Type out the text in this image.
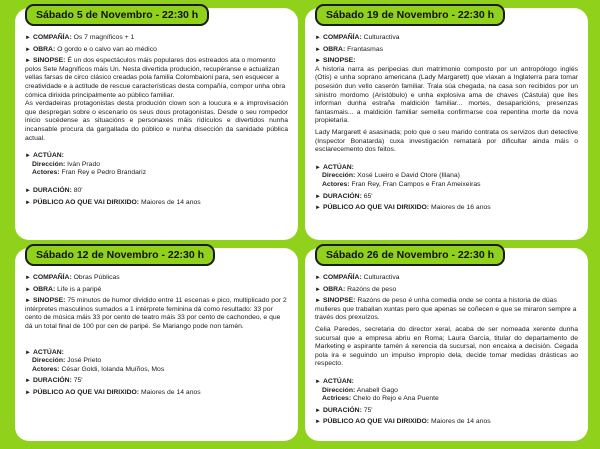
Sábado 5 de Novembro - 22:30 h
► COMPAÑÍA: Os 7 magníficos + 1
► OBRA: O gordo e o calvo van ao médico
► SINOPSE: É un dos espectáculos máis populares dos estreados ata o momento polos Sete Magníficos máis Un. Nesta divertida produción, recupéranse e actualizan vellas farsas de circo clásico creadas pola familia Colombaioni para, sen esquecer a creatividade e a actitude de rescue características desta compañía, compor unha obra cómica dirixida principalmente ao público familiar.
As verdadeiras protagonistas desta produción clown son a loucura e a improvisación que despregan sobre o escenario os seus dous protagonistas. Desde o seu rompedor inicio sucédense as situacións e personaxes máis ridículos e divertidos nunha incansable procura da gargallada do público e nunha disección da sanidade pública actual.
► ACTÚAN:
Dirección: Iván Prado
Actores: Fran Rey e Pedro Brandariz
► DURACIÓN: 80'
► PÚBLICO AO QUE VAI DIRIXIDO: Maiores de 14 anos
Sábado 19 de Novembro - 22:30 h
► COMPAÑÍA: Culturactiva
► OBRA: Frantasmas
► SINOPSE:
A historia narra as peripecias dun matrimonio composto por un antropólogo inglés (Otis) e unha soprano americana (Lady Margarett) que viaxan a Inglaterra para tomar posesión dun vello caserón familiar. Trala súa chegada, na casa son recibidos por un sinistro mordomo (Aristóbulo) e unha explosiva ama de chaves (Cástula) que lles informan dunha estraña maldición familiar... mortes, desaparicións, presenzas fantasmais... a maldición familiar semella confirmarse coa repentina morte da nova propietaria.
Lady Margarett é asasinada; polo que o seu marido contrata os servizos dun detective (Inspector Bonatarda) cuxa investigación rematará por dificultar ainda máis o esclarecemento dos feitos.
► ACTÚAN:
Dirección: Xosé Lueiro e David Otore (Illana)
Actores: Fran Rey, Fran Campos e Fran Ameixeiras
► DURACIÓN: 65'
► PÚBLICO AO QUE VAI DIRIXIDO: Maiores de 16 anos
Sábado 12 de Novembro - 22:30 h
► COMPAÑÍA: Obras Públicas
► OBRA: Life is a paripé
► SINOPSE: 75 minutos de humor dividido entre 11 escenas e pico, multiplicado por 2 intérpretes masculinos sumados a 1 intérprete feminina dá como resultado: 33 por cento de música máis 33 por cento de teatro máis 33 por cento de cachondeo, e que dá un total final de 100 por cen de paripé. Se Mariango pode non tamén.
► ACTÚAN:
Dirección: José Prieto
Actores: César Goldi, Iolanda Muíños, Mos
► DURACIÓN: 75'
► PÚBLICO AO QUE VAI DIRIXIDO: Maiores de 14 anos
Sábado 26 de Novembro - 22:30 h
► COMPAÑÍA: Culturactiva
► OBRA: Razóns de peso
► SINOPSE: Razóns de peso é unha comedia onde se conta a historia de dúas mulleres que traballan xuntas pero que apenas se coñecen e que se miraron sempre a través dos prexuízos.
Celia Paredes, secretaria do director xeral, acaba de ser nomeada xerente dunha sucursal que a empresa abriu en Roma; Laura García, titular do departamento de Marketing e aspirante tamén á xerencia da sucursal, non encaixa a decisión. Cegada pola ira e seguindo un impulso impropio dela, decide tomar medidas drásticas ao respecto.
► ACTÚAN:
Dirección: Anabell Gago
Actrices: Chelo do Rejo e Ana Puente
► DURACIÓN: 75'
► PÚBLICO AO QUE VAI DIRIXIDO: Maiores de 14 anos
